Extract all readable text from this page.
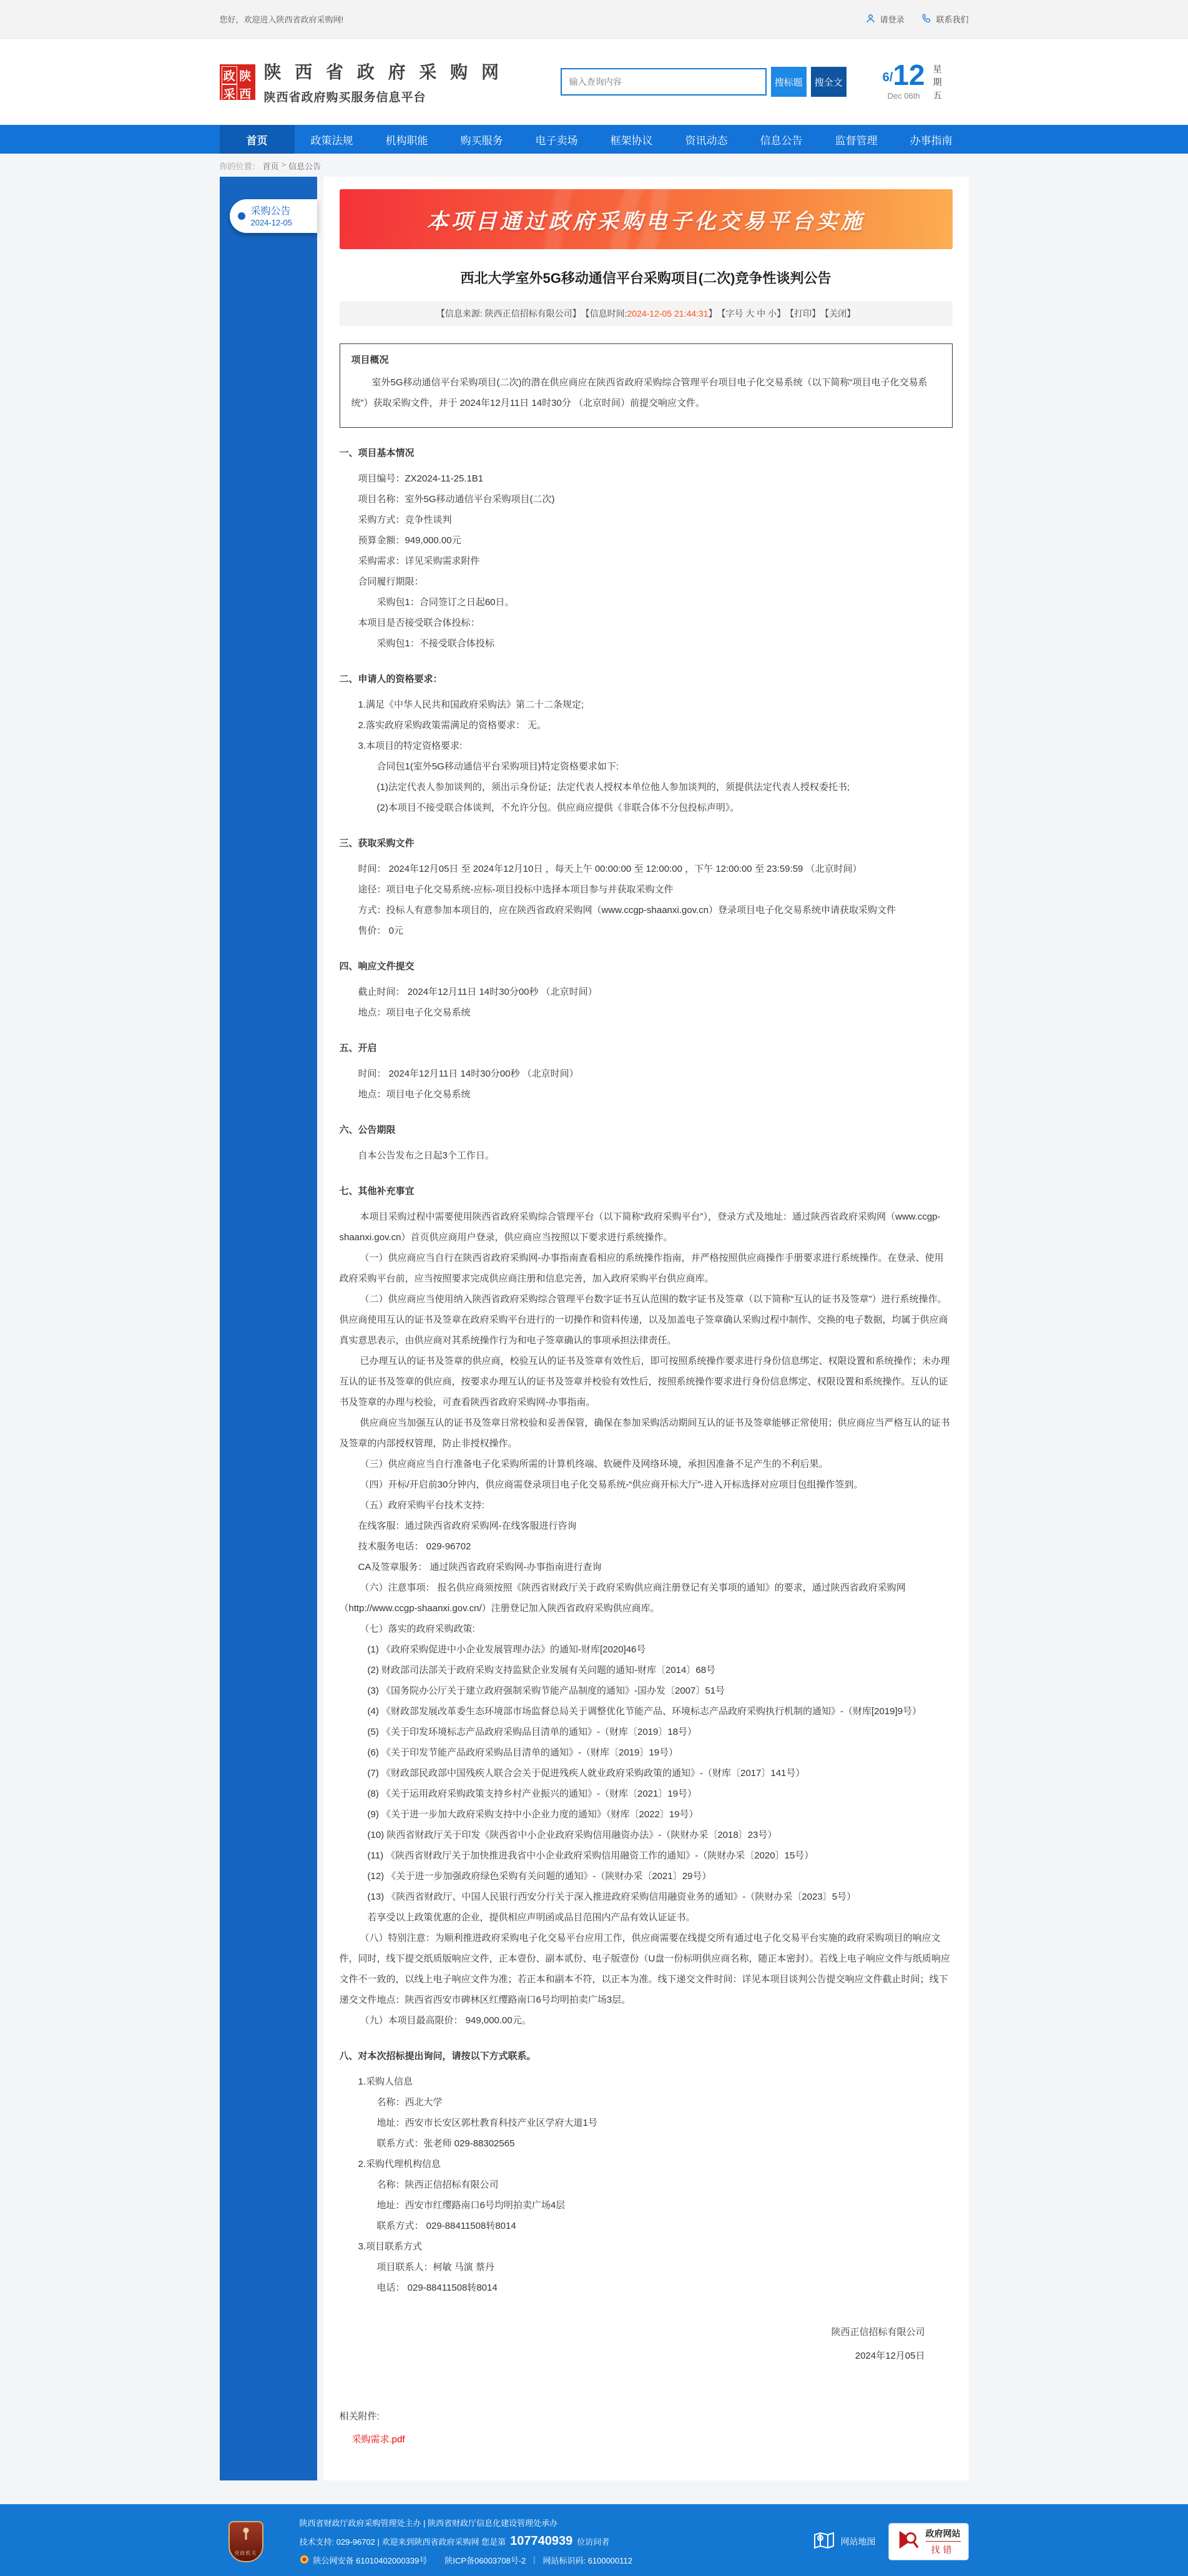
您好，欢迎进入陕西省政府采购网!	请登录	联系我们
政 陕
采 西
陕 西 省 政 府 采 购 网
陕西省政府购买服务信息平台
输入查询内容
搜标题	搜全文	6/ 12
Dec 06th	星期五
首页	政策法规	机构职能	购买服务	电子卖场	框架协议	资讯动态	信息公告	监督管理	办事指南
你的位置： 首页 > 信息公告
采购公告
2024-12-05	本项目通过政府采购电子化交易平台实施
西北大学室外5G移动通信平台采购项目(二次)竞争性谈判公告
【信息来源: 陕西正信招标有限公司】 【信息时间: 2024-12-05 21:44:31 】 【字号 大 中 小】 【打印】 【关闭】
项目概况
室外5G移动通信平台采购项目(二次)的潜在供应商应在陕西省政府采购综合管理平台项目电子化交易系统（以下简称“项目电子化交易系统”）获取采购文件，并于 2024年12月11日 14时30分 （北京时间）前提交响应文件。
一、项目基本情况
项目编号：ZX2024-11-25.1B1
项目名称：室外5G移动通信平台采购项目(二次)
采购方式：竞争性谈判
预算金额：949,000.00元
采购需求：详见采购需求附件
合同履行期限：
采购包1：合同签订之日起60日。
本项目是否接受联合体投标：
采购包1：不接受联合体投标
二、申请人的资格要求：
1.满足《中华人民共和国政府采购法》第二十二条规定;
2.落实政府采购政策需满足的资格要求： 无。
3.本项目的特定资格要求:
合同包1(室外5G移动通信平台采购项目)特定资格要求如下:
(1)法定代表人参加谈判的，须出示身份证；法定代表人授权本单位他人参加谈判的，须提供法定代表人授权委托书;
(2)本项目不接受联合体谈判，不允许分包。供应商应提供《非联合体不分包投标声明》。
三、获取采购文件
时间： 2024年12月05日 至 2024年12月10日 ，每天上午 00:00:00 至 12:00:00 ，下午 12:00:00 至 23:59:59 （北京时间）
途径：项目电子化交易系统-应标-项目投标中选择本项目参与并获取采购文件
方式：投标人有意参加本项目的，应在陕西省政府采购网（www.ccgp-shaanxi.gov.cn）登录项目电子化交易系统申请获取采购文件
售价： 0元
四、响应文件提交
截止时间： 2024年12月11日 14时30分00秒 （北京时间）
地点：项目电子化交易系统
五、开启
时间： 2024年12月11日 14时30分00秒 （北京时间）
地点：项目电子化交易系统
六、公告期限
自本公告发布之日起3个工作日。
七、其他补充事宜
本项目采购过程中需要使用陕西省政府采购综合管理平台（以下简称“政府采购平台”），登录方式及地址：通过陕西省政府采购网（www.ccgp-shaanxi.gov.cn）首页供应商用户登录，供应商应当按照以下要求进行系统操作。
（一）供应商应当自行在陕西省政府采购网-办事指南查看相应的系统操作指南，并严格按照供应商操作手册要求进行系统操作。在登录、使用政府采购平台前，应当按照要求完成供应商注册和信息完善，加入政府采购平台供应商库。
（二）供应商应当使用纳入陕西省政府采购综合管理平台数字证书互认范围的数字证书及签章（以下简称“互认的证书及签章”）进行系统操作。供应商使用互认的证书及签章在政府采购平台进行的一切操作和资料传递，以及加盖电子签章确认采购过程中制作、交换的电子数据，均属于供应商真实意思表示，由供应商对其系统操作行为和电子签章确认的事项承担法律责任。
已办理互认的证书及签章的供应商，校验互认的证书及签章有效性后，即可按照系统操作要求进行身份信息绑定、权限设置和系统操作；未办理互认的证书及签章的供应商，按要求办理互认的证书及签章并校验有效性后，按照系统操作要求进行身份信息绑定、权限设置和系统操作。互认的证书及签章的办理与校验，可查看陕西省政府采购网-办事指南。
供应商应当加强互认的证书及签章日常校验和妥善保管，确保在参加采购活动期间互认的证书及签章能够正常使用；供应商应当严格互认的证书及签章的内部授权管理，防止非授权操作。
（三）供应商应当自行准备电子化采购所需的计算机终端、软硬件及网络环境，承担因准备不足产生的不利后果。
（四）开标/开启前30分钟内，供应商需登录项目电子化交易系统-“供应商开标大厅”-进入开标选择对应项目包组操作签到。
（五）政府采购平台技术支持:
在线客服：通过陕西省政府采购网-在线客服进行咨询
技术服务电话： 029-96702
CA及签章服务： 通过陕西省政府采购网-办事指南进行查询
（六）注意事项： 报名供应商须按照《陕西省财政厅关于政府采购供应商注册登记有关事项的通知》的要求，通过陕西省政府采购网（http://www.ccgp-shaanxi.gov.cn/）注册登记加入陕西省政府采购供应商库。
（七）落实的政府采购政策:
(1) 《政府采购促进中小企业发展管理办法》的通知-财库[2020]46号
(2) 财政部司法部关于政府采购支持监狱企业发展有关问题的通知-财库〔2014〕68号
(3) 《国务院办公厅关于建立政府强制采购节能产品制度的通知》-国办发〔2007〕51号
(4) 《财政部发展改革委生态环境部市场监督总局关于调整优化节能产品、环境标志产品政府采购执行机制的通知》-（财库[2019]9号）
(5) 《关于印发环境标志产品政府采购品目清单的通知》-（财库〔2019〕18号）
(6) 《关于印发节能产品政府采购品目清单的通知》-（财库〔2019〕19号）
(7) 《财政部民政部中国残疾人联合会关于促进残疾人就业政府采购政策的通知》-（财库〔2017〕141号）
(8) 《关于运用政府采购政策支持乡村产业振兴的通知》-（财库〔2021〕19号）
(9) 《关于进一步加大政府采购支持中小企业力度的通知》（财库〔2022〕19号）
(10) 陕西省财政厅关于印发《陕西省中小企业政府采购信用融资办法》-（陕财办采〔2018〕23号）
(11) 《陕西省财政厅关于加快推进我省中小企业政府采购信用融资工作的通知》-（陕财办采〔2020〕15号）
(12) 《关于进一步加强政府绿色采购有关问题的通知》-（陕财办采〔2021〕29号）
(13) 《陕西省财政厅、中国人民银行西安分行关于深入推进政府采购信用融资业务的通知》-（陕财办采〔2023〕5号）
若享受以上政策优惠的企业，提供相应声明函或品目范围内产品有效认证证书。
（八）特别注意：为顺利推进政府采购电子化交易平台应用工作，供应商需要在线提交所有通过电子化交易平台实施的政府采购项目的响应文件，同时，线下提交纸质版响应文件，正本壹份、副本贰份、电子版壹份（U盘一份标明供应商名称，随正本密封）。若线上电子响应文件与纸质响应文件不一致的，以线上电子响应文件为准；若正本和副本不符，以正本为准。线下递交文件时间：详见本项目谈判公告提交响应文件截止时间；线下递交文件地点：陕西省西安市碑林区红缨路南口6号均明拍卖广场3层。
（九）本项目最高限价： 949,000.00元。
八、对本次招标提出询问，请按以下方式联系。
1.采购人信息
名称：西北大学
地址：西安市长安区郭杜教育科技产业区学府大道1号
联系方式：张老师 029-88302565
2.采购代理机构信息
名称：陕西正信招标有限公司
地址：西安市红缨路南口6号均明拍卖广场4层
联系方式： 029-88411508转8014
3.项目联系方式
项目联系人：柯敏 马演 蔡丹
电话： 029-88411508转8014
陕西正信招标有限公司
2024年12月05日
相关附件:
采购需求.pdf
党政机关
陕西省财政厅政府采购管理处主办 | 陕西省财政厅信息化建设管理处承办
技术支持: 029-96702 | 欢迎来到陕西省政府采购网 您是第 107740939 位访问者
陕公网安备 61010402000339号 陕ICP备06003708号-2 ｜ 网站标识码: 6100000112
网站地图
政府网站
找错
